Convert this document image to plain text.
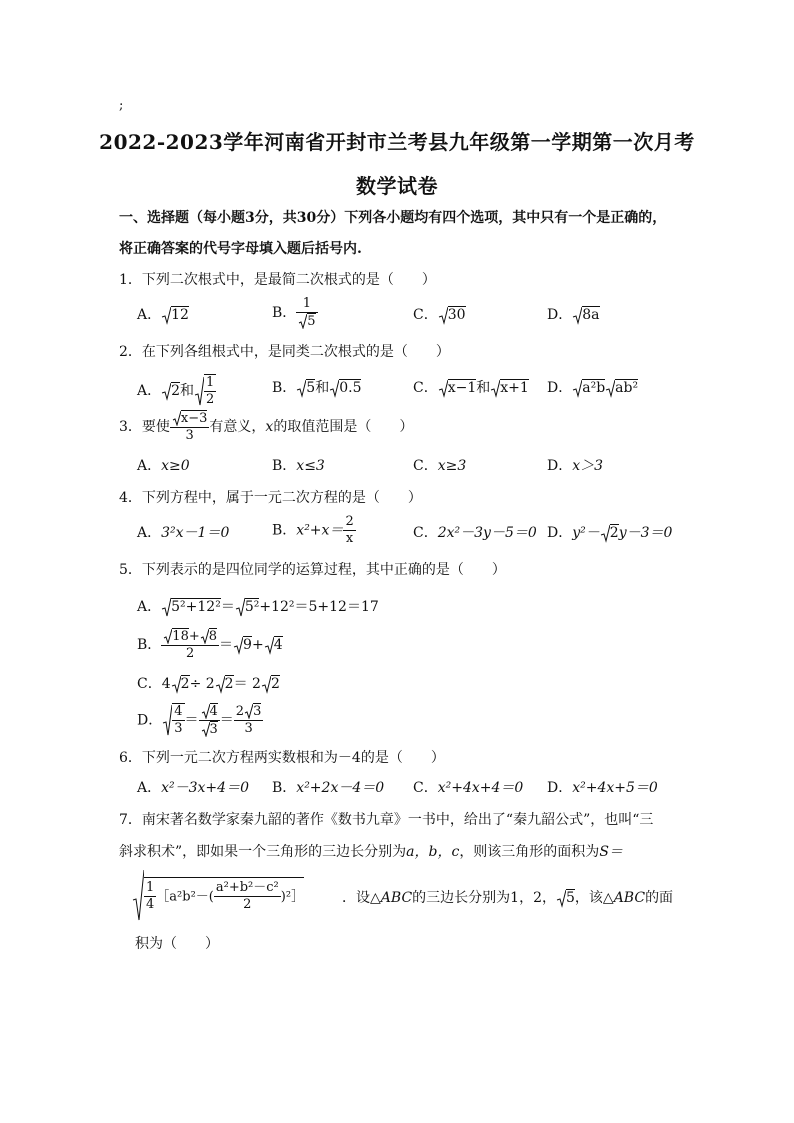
;
2022-2023学年河南省开封市兰考县九年级第一学期第一次月考
数学试卷
一、选择题（每小题3分，共30分）下列各小题均有四个选项，其中只有一个是正确的，
将正确答案的代号字母填入题后括号内.
1．下列二次根式中，是最简二次根式的是（　　）
A． 12	B． $\frac{1}{5}$	C． 30	D． 8a
2．在下列各组根式中，是同类二次根式的是（　　）
A． 2和 $\frac{1}{2}$	B． 5和 0.5	C． x−1和 x+1 D． a²b ab²
3．要使 $\frac{x-3}{3}$ 有意义，x的取值范围是（　　）
A．x≥0	B．x≤3	C．x≥3	D．x＞3
4．下列方程中，属于一元二次方程的是（　　）
A．3²x－1＝0	B．$x^2+x= \frac{2}{x}$	C．2x²－3y－5＝0 D．y²－ 2y－3＝0
5．下列表示的是四位同学的运算过程，其中正确的是（　　）
A． 5²+12²＝ 5²+12²＝5+12＝17
B． $\frac{18+ 8}{2} = 9+ 4$
C．4 2÷ 2 2＝ 2 2
D． $\frac{4}{3} = \frac{4}{3} = \frac{2 3}{3}$
6．下列一元二次方程两实数根和为－4的是（　　）
A．x²－3x+4＝0 B．x²+2x－4＝0 C．x²+4x+4＝0 D．x²+4x+5＝0
7．南宋著名数学家秦九韶的著作《数书九章》一书中，给出了“秦九韶公式”，也叫“三
斜求积术”，即如果一个三角形的三边长分别为a，b，c，则该三角形的面积为S＝
$\frac{1}{4}$ ［a²b²－( $\frac{\text{a²+b²－c²}}{2}$ )²］	．设△ABC的三边长分别为1，2， 5，该△ABC的面
积为（　　）
